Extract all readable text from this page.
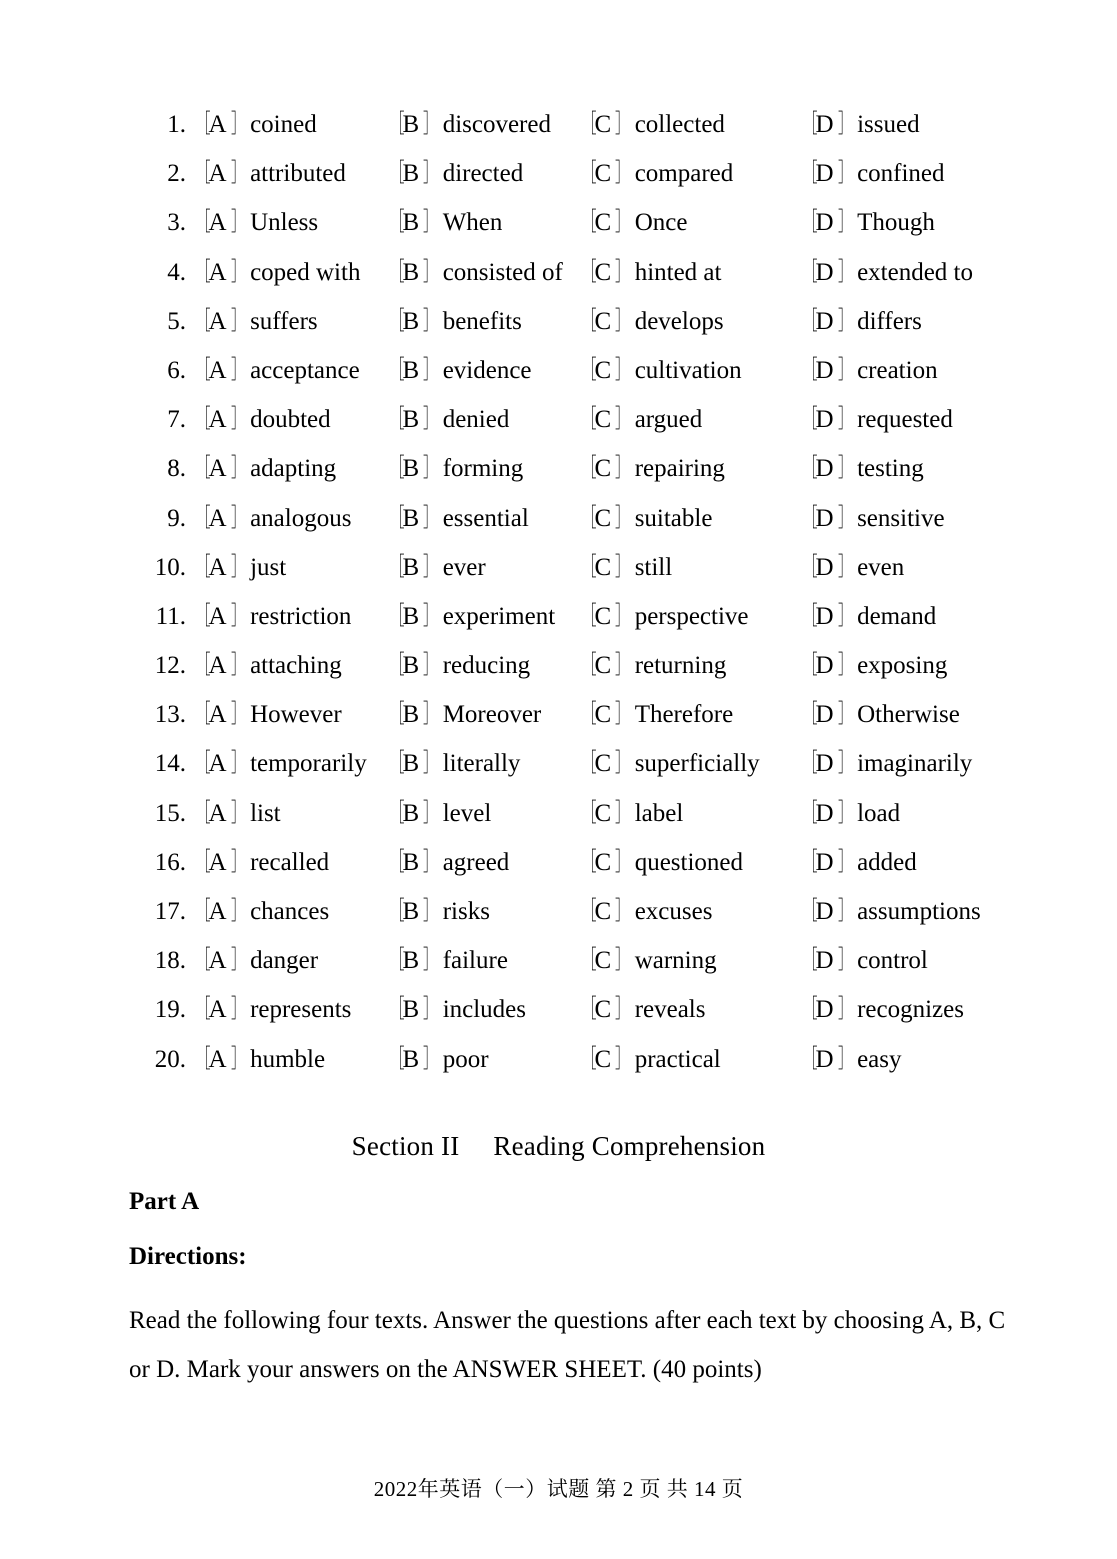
1. ［A ］ coined	［B ］ discovered ［C ］ collected	［D ］ issued
2. ［A ］ attributed ［B ］ directed ［C ］ compared	［D ］ confined
3. ［A ］ Unless	［B ］ When	［C ］ Once	［D ］ Though
4. ［A ］ coped with ［B ］ consisted of ［C ］ hinted at	［D ］ extended to
5. ［A ］ suffers	［B ］ benefits ［C ］ develops	［D ］ differs
6. ［A ］ acceptance ［B ］ evidence ［C ］ cultivation ［D ］ creation
7. ［A ］ doubted ［B ］ denied	［C ］ argued	［D ］ requested
8. ［A ］ adapting ［B ］ forming ［C ］ repairing	［D ］ testing
9. ［A ］ analogous ［B ］ essential ［C ］ suitable	［D ］ sensitive
10. ［A ］ just	［B ］ ever	［C ］ still	［D ］ even
11. ［A ］ restriction ［B ］ experiment ［C ］ perspective ［D ］ demand
12. ［A ］ attaching ［B ］ reducing ［C ］ returning	［D ］ exposing
13. ［A ］ However ［B ］ Moreover ［C ］ Therefore	［D ］ Otherwise
14. ［A ］ temporarily ［B ］ literally ［C ］ superficially ［D ］ imaginarily
15. ［A ］ list	［B ］ level	［C ］ label	［D ］ load
16. ［A ］ recalled ［B ］ agreed	［C ］ questioned ［D ］ added
17. ［A ］ chances ［B ］ risks	［C ］ excuses	［D ］ assumptions
18. ［A ］ danger	［B ］ failure	［C ］ warning	［D ］ control
19. ［A ］ represents ［B ］ includes ［C ］ reveals	［D ］ recognizes
20. ［A ］ humble	［B ］ poor	［C ］ practical	［D ］ easy
Section II Reading Comprehension
Part A
Directions:
Read the following four texts. Answer the questions after each text by choosing A, B, C
or D. Mark your answers on the ANSWER SHEET. (40 points)
2022年英语（一）试题 第 2 页 共 14 页
